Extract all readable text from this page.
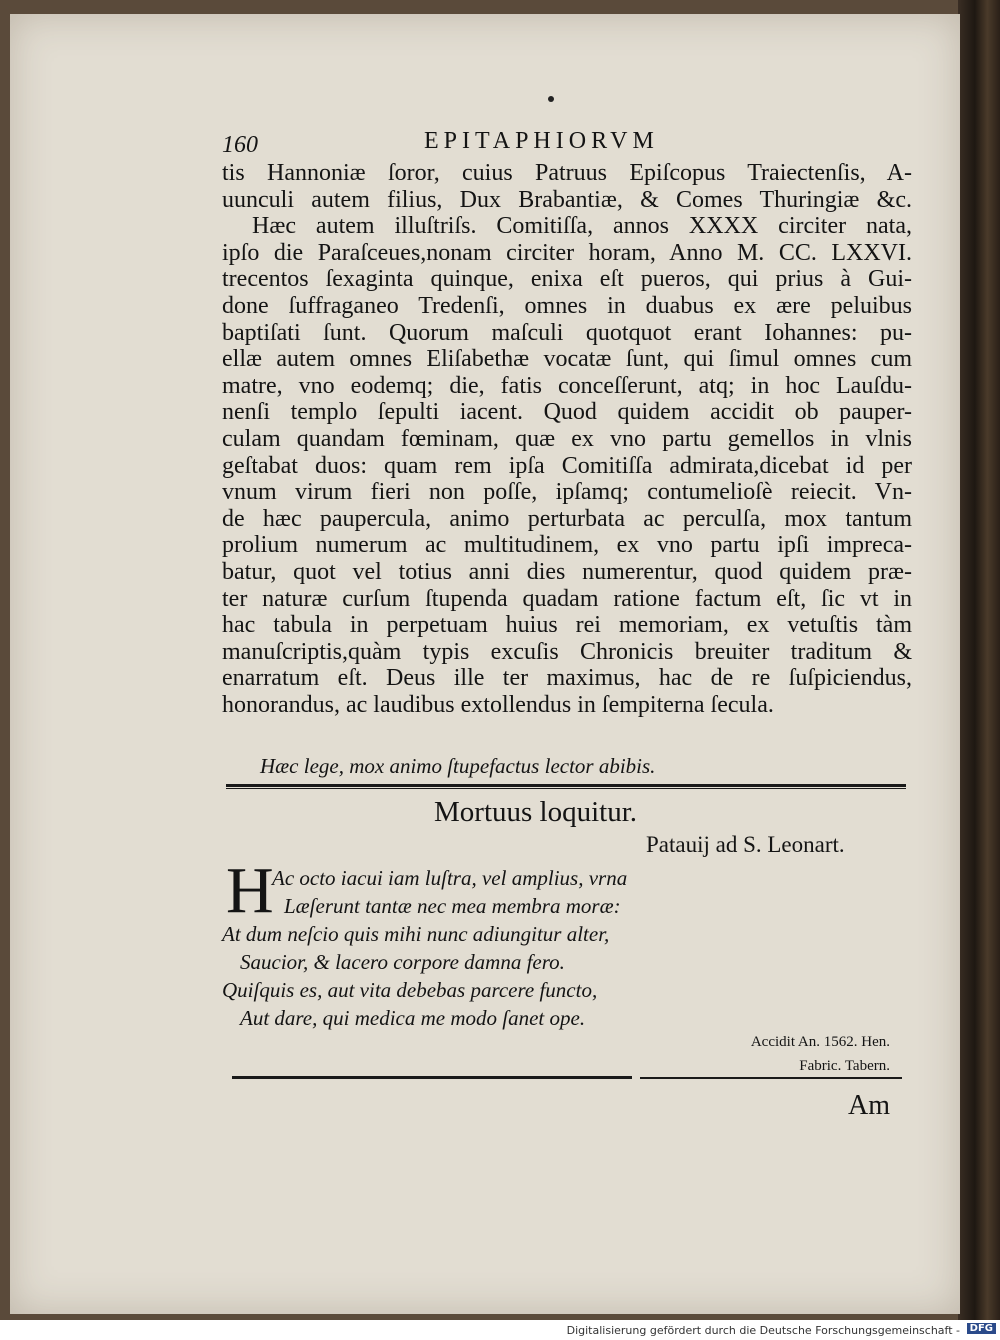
160	EPITAPHIORVM
tis Hannoniæ ſoror, cuius Patruus Epiſcopus Traiectenſis, A-
uunculi autem filius, Dux Brabantiæ, & Comes Thuringiæ &c.
Hæc autem illuſtriſs. Comitiſſa, annos XXXX circiter nata,
ipſo die Paraſceues,nonam circiter horam, Anno M. CC. LXXVI.
trecentos ſexaginta quinque, enixa eſt pueros, qui prius à Gui-
done ſuffraganeo Tredenſi, omnes in duabus ex ære peluibus
baptiſati ſunt. Quorum maſculi quotquot erant Iohannes: pu-
ellæ autem omnes Eliſabethæ vocatæ ſunt, qui ſimul omnes cum
matre, vno eodemq; die, fatis conceſſerunt, atq; in hoc Lauſdu-
nenſi templo ſepulti iacent. Quod quidem accidit ob pauper-
culam quandam fœminam, quæ ex vno partu gemellos in vlnis
geſtabat duos: quam rem ipſa Comitiſſa admirata,dicebat id per
vnum virum fieri non poſſe, ipſamq; contumelioſè reiecit. Vn-
de hæc paupercula, animo perturbata ac perculſa, mox tantum
prolium numerum ac multitudinem, ex vno partu ipſi impreca-
batur, quot vel totius anni dies numerentur, quod quidem præ-
ter naturæ curſum ſtupenda quadam ratione factum eſt, ſic vt in
hac tabula in perpetuam huius rei memoriam, ex vetuſtis tàm
manuſcriptis,quàm typis excuſis Chronicis breuiter traditum &
enarratum eſt. Deus ille ter maximus, hac de re ſuſpiciendus,
honorandus, ac laudibus extollendus in ſempiterna ſecula.
Hæc lege, mox animo ſtupefactus lector abibis.
Mortuus loquitur.
Patauij ad S. Leonart.
H
Ac octo iacui iam luſtra, vel amplius, vrna
Læſerunt tantæ nec mea membra moræ:
At dum neſcio quis mihi nunc adiungitur alter,
Saucior, & lacero corpore damna fero.
Quiſquis es, aut vita debebas parcere functo,
Aut dare, qui medica me modo ſanet ope.
Accidit An. 1562. Hen.
Fabric. Tabern.
Am
Digitalisierung gefördert durch die Deutsche Forschungsgemeinschaft - DFG
